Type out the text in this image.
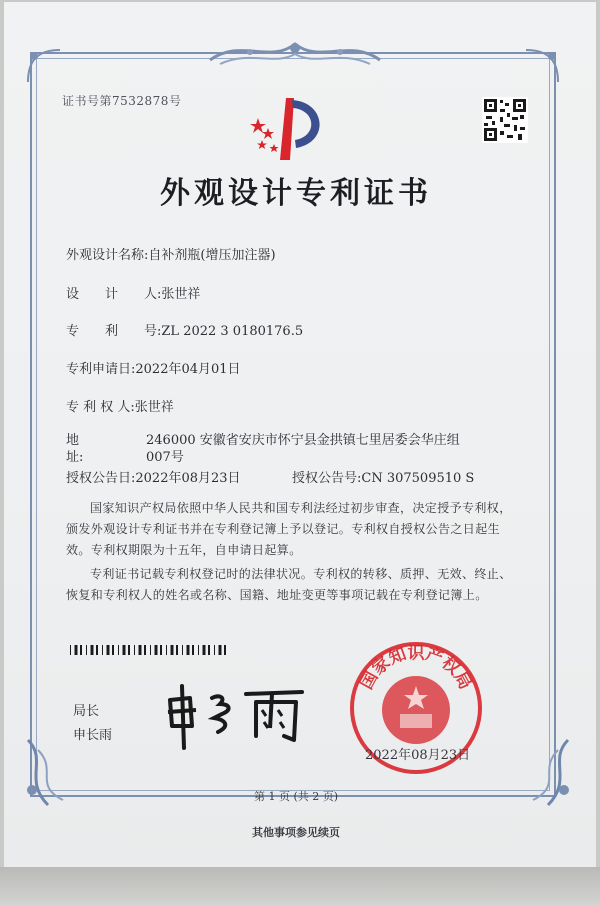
证书号第7532878号
外观设计专利证书
外观设计名称:自补剂瓶(增压加注器)
设　　计　　人:张世祥
专　　利　　号:ZL 2022 3 0180176.5
专利申请日:2022年04月01日
专 利 权 人:张世祥
地　　　　　址:
246000 安徽省安庆市怀宁县金拱镇七里居委会华庄组007号
授权公告日:2022年08月23日	授权公告号:CN 307509510 S
国家知识产权局依照中华人民共和国专利法经过初步审查，决定授予专利权，颁发外观设计专利证书并在专利登记簿上予以登记。专利权自授权公告之日起生效。专利权期限为十五年，自申请日起算。
专利证书记载专利权登记时的法律状况。专利权的转移、质押、无效、终止、恢复和专利权人的姓名或名称、国籍、地址变更等事项记载在专利登记簿上。
局长
申长雨
国家知识产权局
2022年08月23日
第 1 页 (共 2 页)
其他事项参见续页
